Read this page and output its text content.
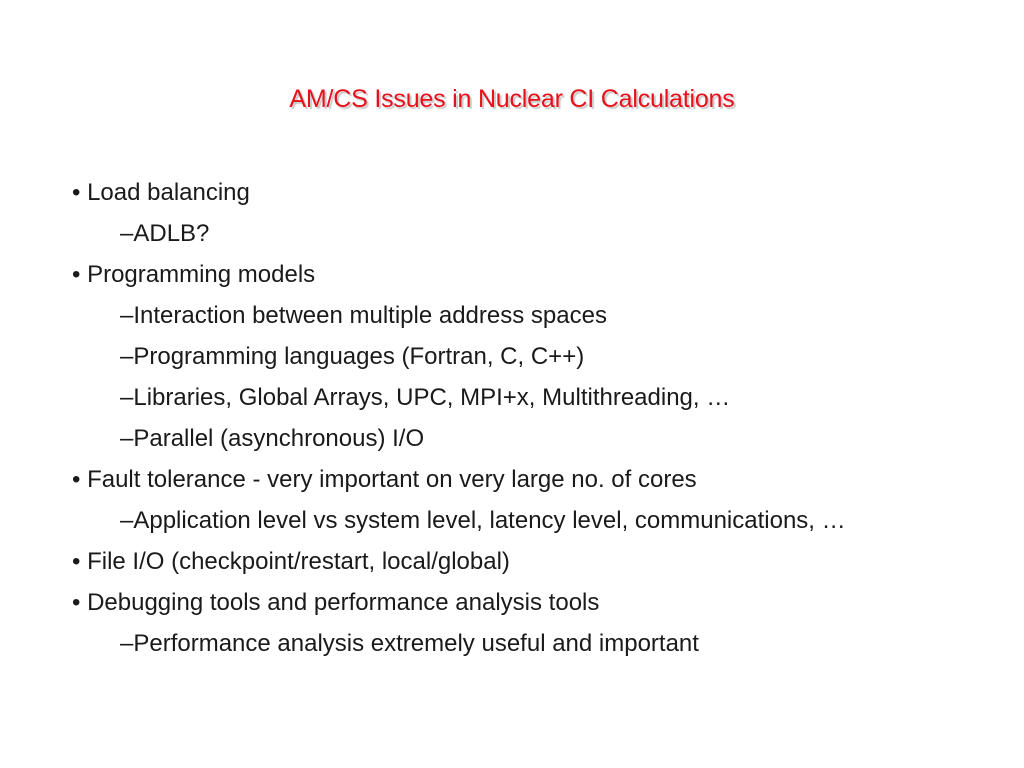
AM/CS Issues in Nuclear CI Calculations
• Load balancing
–ADLB?
• Programming models
–Interaction between multiple address spaces
–Programming languages (Fortran, C, C++)
–Libraries, Global Arrays, UPC, MPI+x, Multithreading, …
–Parallel (asynchronous) I/O
• Fault tolerance - very important on very large no. of cores
–Application level vs system level, latency level, communications, …
• File I/O (checkpoint/restart, local/global)
• Debugging tools and performance analysis tools
–Performance analysis extremely useful and important
